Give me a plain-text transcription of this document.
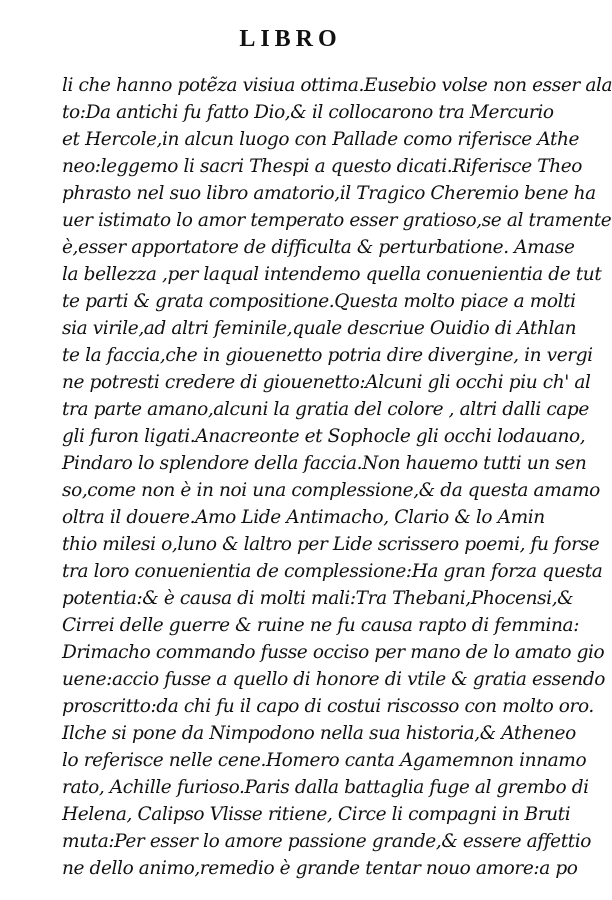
LIBRO
li che hanno potẽza visiua ottima.Eusebio volse non esser ala
to:Da antichi fu fatto Dio,& il collocarono tra Mercurio
et Hercole,in alcun luogo con Pallade como riferisce Athe
neo:leggemo li sacri Thespi a questo dicati.Riferisce Theo
phrasto nel suo libro amatorio,il Tragico Cheremio bene ha
uer istimato lo amor temperato esser gratioso,se al tramente
è,esser apportatore de difficulta & perturbatione. Amase
la bellezza ,per laqual intendemo quella conuenientia de tut
te parti & grata compositione.Questa molto piace a molti
sia virile,ad altri feminile,quale descriue Ouidio di Athlan
te la faccia,che in giouenetto potria dire divergine, in vergi
ne potresti credere di giouenetto:Alcuni gli occhi piu ch' al
tra parte amano,alcuni la gratia del colore , altri dalli cape
gli furon ligati.Anacreonte et Sophocle gli occhi lodauano,
Pindaro lo splendore della faccia.Non hauemo tutti un sen
so,come non è in noi una complessione,& da questa amamo
oltra il douere.Amo Lide Antimacho, Clario & lo Amin
thio milesi o,luno & laltro per Lide scrissero poemi, fu forse
tra loro conuenientia de complessione:Ha gran forza questa
potentia:& è causa di molti mali:Tra Thebani,Phocensi,&
Cirrei delle guerre & ruine ne fu causa rapto di femmina:
Drimacho commando fusse occiso per mano de lo amato gio
uene:accio fusse a quello di honore di vtile & gratia essendo
proscritto:da chi fu il capo di costui riscosso con molto oro.
Ilche si pone da Nimpodono nella sua historia,& Atheneo
lo referisce nelle cene.Homero canta Agamemnon innamo
rato, Achille furioso.Paris dalla battaglia fuge al grembo di
Helena, Calipso Vlisse ritiene, Circe li compagni in Bruti
muta:Per esser lo amore passione grande,& essere affettio
ne dello animo,remedio è grande tentar nouo amore:a po
